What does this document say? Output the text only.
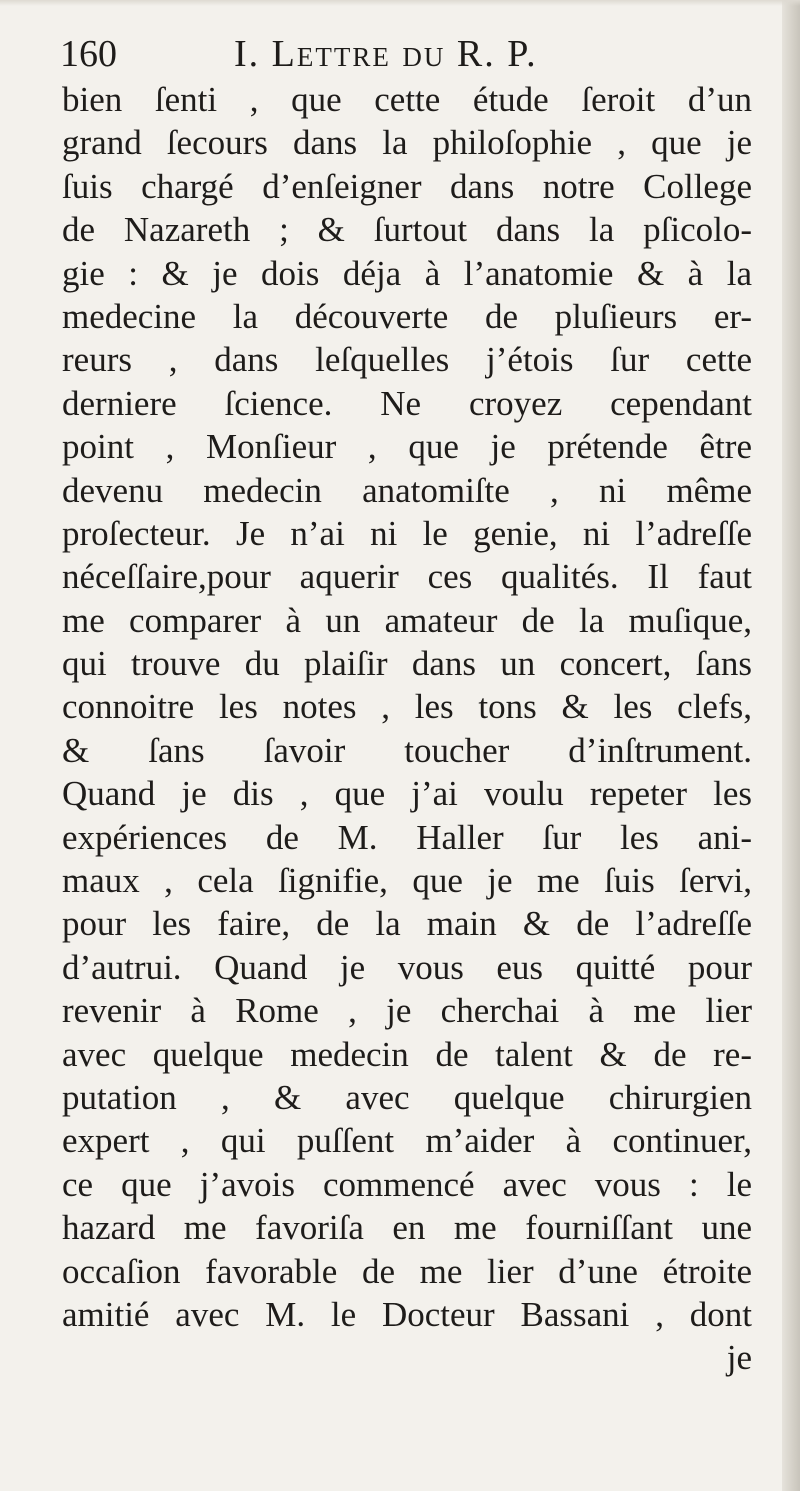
160	I. Lettre du R. P.
bien ſenti , que cette étude ſeroit d’un
grand ſecours dans la philoſophie , que je
ſuis chargé d’enſeigner dans notre College
de Nazareth ; & ſurtout dans la pſicolo-
gie : & je dois déja à l’anatomie & à la
medecine la découverte de pluſieurs er-
reurs , dans leſquelles j’étois ſur cette
derniere ſcience. Ne croyez cependant
point , Monſieur , que je prétende être
devenu medecin anatomiſte , ni même
proſecteur. Je n’ai ni le genie, ni l’adreſſe
néceſſaire,pour aquerir ces qualités. Il faut
me comparer à un amateur de la muſique,
qui trouve du plaiſir dans un concert, ſans
connoitre les notes , les tons & les clefs,
& ſans ſavoir toucher d’inſtrument.
Quand je dis , que j’ai voulu repeter les
expériences de M. Haller ſur les ani-
maux , cela ſignifie, que je me ſuis ſervi,
pour les faire, de la main & de l’adreſſe
d’autrui. Quand je vous eus quitté pour
revenir à Rome , je cherchai à me lier
avec quelque medecin de talent & de re-
putation , & avec quelque chirurgien
expert , qui puſſent m’aider à continuer,
ce que j’avois commencé avec vous : le
hazard me favoriſa en me fourniſſant une
occaſion favorable de me lier d’une étroite
amitié avec M. le Docteur Bassani , dont
je
